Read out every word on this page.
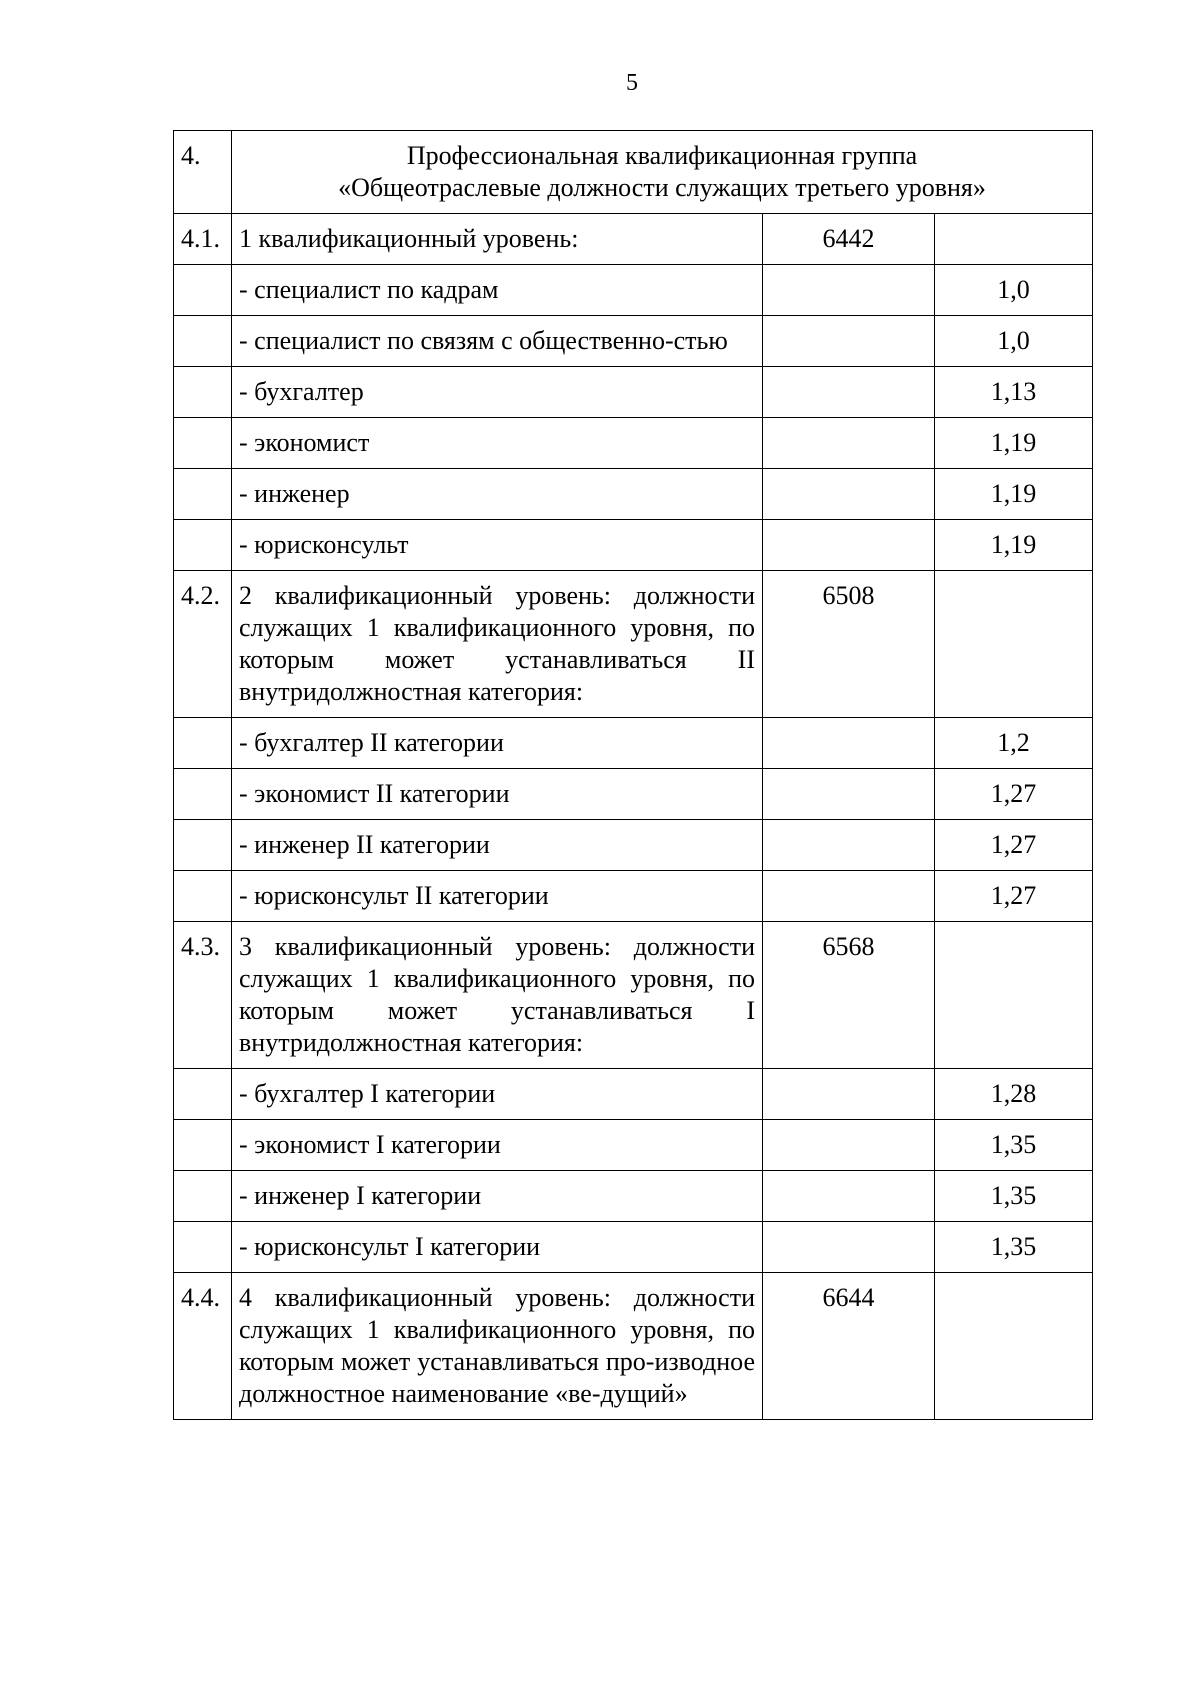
5
4.	Профессиональная квалификационная группа
«Общеотраслевые должности служащих третьего уровня»		

4.1.	1 квалификационный уровень:	6442	
	- специалист по кадрам		1,0
	- специалист по связям с общественно-стью		1,0
	- бухгалтер		1,13
	- экономист		1,19
	- инженер		1,19
	- юрисконсульт		1,19
4.2.	2 квалификационный уровень: должности служащих 1 квалификационного уровня, по которым может устанавливаться II внутридолжностная категория:	6508	
	- бухгалтер II категории		1,2
	- экономист II категории		1,27
	- инженер II категории		1,27
	- юрисконсульт II категории		1,27
4.3.	3 квалификационный уровень: должности служащих 1 квалификационного уровня, по которым может устанавливаться I внутридолжностная категория:	6568	
	- бухгалтер I категории		1,28
	- экономист I категории		1,35
	- инженер I категории		1,35
	- юрисконсульт I категории		1,35
4.4.	4 квалификационный уровень: должности служащих 1 квалификационного уровня, по которым может устанавливаться про-изводное должностное наименование «ве-дущий»	6644	
